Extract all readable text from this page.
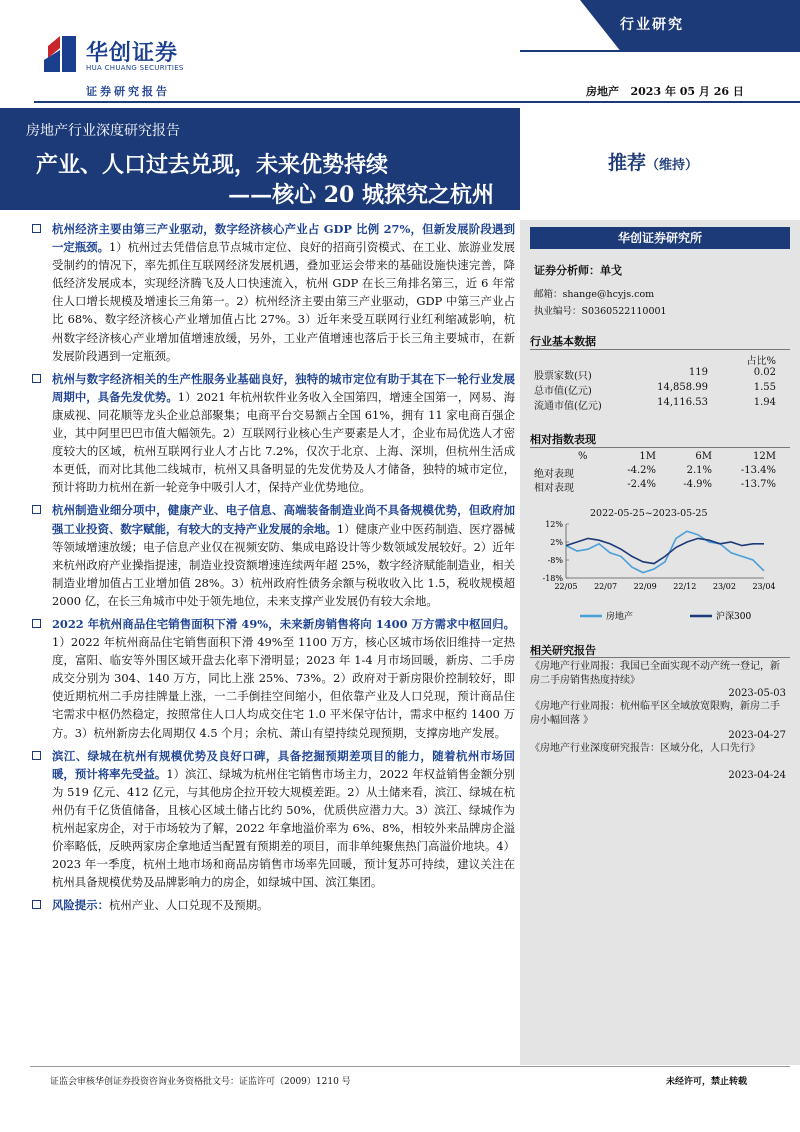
华创证券
HUA CHUANG SECURITIES
证券研究报告
行业研究
房地产 2023 年 05 月 26 日
房地产行业深度研究报告
产业、人口过去兑现，未来优势持续
——核心 20 城探究之杭州
推荐（维持）
杭州经济主要由第三产业驱动，数字经济核心产业占 GDP 比例 27%，但新发展阶段遇到一定瓶颈。1）杭州过去凭借信息节点城市定位、良好的招商引资模式、在工业、旅游业发展受制约的情况下，率先抓住互联网经济发展机遇，叠加亚运会带来的基础设施快速完善，降低经济发展成本，实现经济腾飞及人口快速流入，杭州 GDP 在长三角排名第三，近 6 年常住人口增长规模及增速长三角第一。2）杭州经济主要由第三产业驱动，GDP 中第三产业占比 68%、数字经济核心产业增加值占比 27%。3）近年来受互联网行业红利缩减影响，杭州数字经济核心产业增加值增速放缓，另外，工业产值增速也落后于长三角主要城市，在新发展阶段遇到一定瓶颈。
杭州与数字经济相关的生产性服务业基础良好，独特的城市定位有助于其在下一轮行业发展周期中，具备先发优势。1）2021 年杭州软件业务收入全国第四，增速全国第一，网易、海康威视、同花顺等龙头企业总部聚集；电商平台交易额占全国 61%，拥有 11 家电商百强企业，其中阿里巴巴市值大幅领先。2）互联网行业核心生产要素是人才，企业布局优选人才密度较大的区域，杭州互联网行业人才占比 7.2%，仅次于北京、上海、深圳，但杭州生活成本更低，而对比其他二线城市，杭州又具备明显的先发优势及人才储备，独特的城市定位，预计将助力杭州在新一轮竞争中吸引人才，保持产业优势地位。
杭州制造业细分项中，健康产业、电子信息、高端装备制造业尚不具备规模优势，但政府加强工业投资、数字赋能，有较大的支持产业发展的余地。1）健康产业中医药制造、医疗器械等领域增速放缓；电子信息产业仅在视频安防、集成电路设计等少数领域发展较好。2）近年来杭州政府产业操指提速，制造业投资额增速连续两年超 25%，数字经济赋能制造业，相关制造业增加值占工业增加值 28%。3）杭州政府性债务余额与税收收入比 1.5，税收规模超 2000 亿，在长三角城市中处于领先地位，未来支撑产业发展仍有较大余地。
2022 年杭州商品住宅销售面积下滑 49%，未来新房销售将向 1400 万方需求中枢回归。1）2022 年杭州商品住宅销售面积下滑 49%至 1100 万方，核心区城市场依旧维持一定热度，富阳、临安等外围区域开盘去化率下滑明显；2023 年 1-4 月市场回暖，新房、二手房成交分别为 304、140 万方，同比上涨 25%、73%。2）政府对于新房限价控制较好，即使近期杭州二手房挂牌量上涨，一二手倒挂空间缩小，但依靠产业及人口兑现，预计商品住宅需求中枢仍然稳定，按照常住人口人均成交住宅 1.0 平米保守估计，需求中枢约 1400 万方。3）杭州新房去化周期仅 4.5 个月；余杭、萧山有望持续兑现预期，支撑房地产发展。
滨江、绿城在杭州有规模优势及良好口碑，具备挖掘预期差项目的能力，随着杭州市场回暖，预计将率先受益。1）滨江、绿城为杭州住宅销售市场主力，2022 年权益销售金额分别为 519 亿元、412 亿元，与其他房企拉开较大规模差距。2）从土储来看，滨江、绿城在杭州仍有千亿货值储备，且核心区域土储占比约 50%，优质供应潜力大。3）滨江、绿城作为杭州起家房企，对于市场较为了解，2022 年拿地溢价率为 6%、8%，相较外来品牌房企溢价率略低，反映两家房企拿地适当配置有预期差的项目，而非单纯聚焦热门高溢价地块。4）2023 年一季度，杭州土地市场和商品房销售市场率先回暖，预计复苏可持续，建议关注在杭州具备规模优势及品牌影响力的房企，如绿城中国、滨江集团。
风险提示：杭州产业、人口兑现不及预期。
华创证券研究所
证券分析师：单戈
邮箱：shange@hcyjs.com
执业编号：S0360522110001
行业基本数据
占比%
股票家数(只)	119	0.02
总市值(亿元)	14,858.99	1.55
流通市值(亿元)	14,116.53	1.94
相对指数表现
%	1M	6M	12M
绝对表现	-4.2%	2.1%	-13.4%
相对表现	-2.4%	-4.9%	-13.7%
2022-05-25~2023-05-25
12%
2%
-8%
-18%
22/05 22/07 22/09 22/12 23/02 23/04
房地产	沪深300
相关研究报告
《房地产行业周报：我国已全面实现不动产统一登记，新房二手房销售热度持续》
2023-05-03
《房地产行业周报：杭州临平区全域放宽限购，新房二手房小幅回落 》
2023-04-27
《房地产行业深度研究报告：区域分化，人口先行》
2023-04-24
证监会审核华创证券投资咨询业务资格批文号：证监许可（2009）1210 号	未经许可，禁止转载
